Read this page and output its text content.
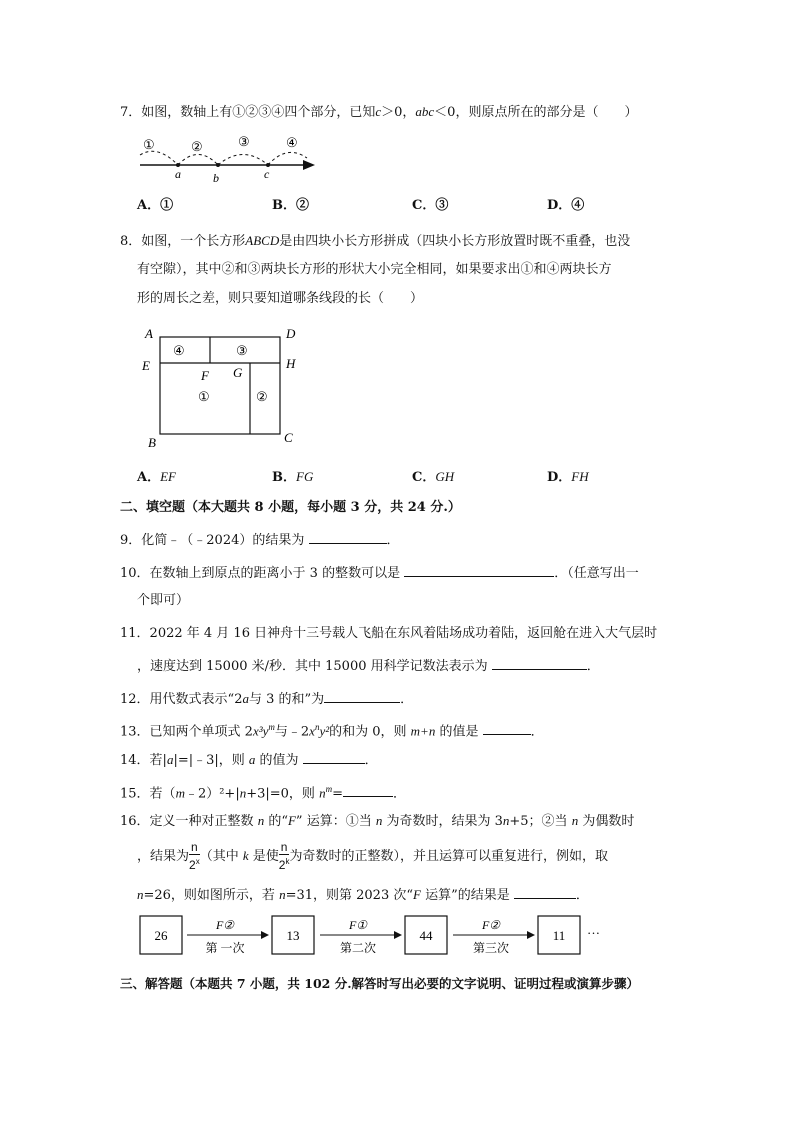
7．如图，数轴上有①②③④四个部分，已知c＞0，abc＜0，则原点所在的部分是（　　）
①	②	③	④
a	b	c
A．①	B．②	C．③	D．④
8．如图，一个长方形ABCD是由四块小长方形拼成（四块小长方形放置时既不重叠，也没
有空隙），其中②和③两块长方形的形状大小完全相同，如果要求出①和④两块长方
形的周长之差，则只要知道哪条线段的长（　　）
A	D
E	H
F G
B	C
④	③
①	②
A．EF	B．FG	C．GH	D．FH
二、填空题（本大题共 8 小题，每小题 3 分，共 24 分.）
9．化简﹣（﹣2024）的结果为	．
10．在数轴上到原点的距离小于 3 的整数可以是	．（任意写出一
个即可）
11．2022 年 4 月 16 日神舟十三号载人飞船在东风着陆场成功着陆，返回舱在进入大气层时
，速度达到 15000 米/秒．其中 15000 用科学记数法表示为	．
12．用代数式表示“2a与 3 的和”为	．
13．已知两个单项式 $2x^3y^m$与$﹣2x^ny^2$的和为 0，则 m+n 的值是	．
14．若|a|=|﹣3|，则 a 的值为	．
15．若（m﹣2）²+|n+3|=0，则 $n^m=$	．
16．定义一种对正整数 n 的“F” 运算：①当 n 为奇数时，结果为 3n+5；②当 n 为偶数时
，结果为 $\frac{n}{2^x}$ （其中 k 是使 $\frac{n}{2^k}$ 为奇数时的正整数），并且运算可以重复进行，例如，取
n=26，则如图所示，若 n=31，则第 2023 次“F 运算”的结果是	．
26	13	44	11
F②	F①	F②
第 一次	第二次	第三次
…
三、解答题（本题共 7 小题，共 102 分.解答时写出必要的文字说明、证明过程或演算步骤）
